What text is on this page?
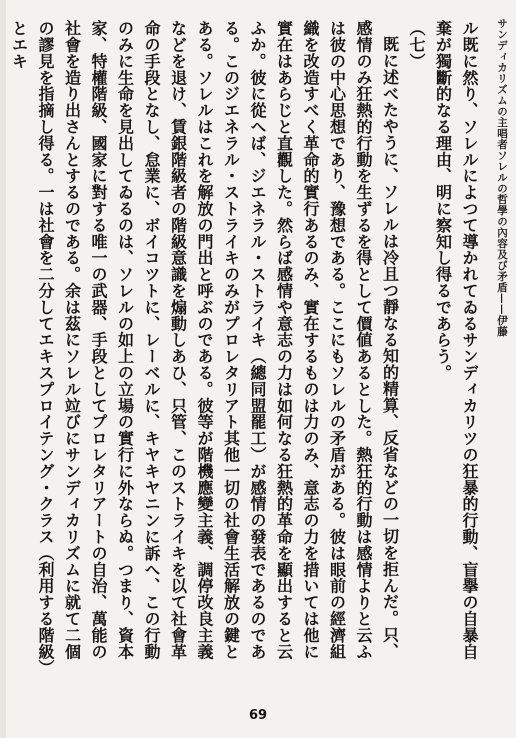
サンディカリズムの主唱者ソレルの哲學の內容及び矛盾——伊藤

ル既に然り、ソレルによつて導かれてゐるサンディカリツの狂暴的行動、盲擧の自暴自棄が獨斷的なる理由、明に察知し得るであらう。

（七）

既に述べたやうに、ソレルは冷且つ靜なる知的精算、反省などの一切を拒んだ。只、感情のみ狂熱的行動を生ずるを得として價値あるとした。熱狂的行動は感情よりと云ふは彼の中心思想であり、豫想である。ここにもソレルの矛盾がある。彼は眼前の經濟組織を改造すべく革命的實行あるのみ、實在するものは力のみ、意志の力を措いては他に實在はあらじと直觀した。然らば感情や意志の力は如何なる狂熱的革命を顯出すると云ふか。彼に從へば、ジエネラル・ストライキ（總同盟罷工）が感情の發表であるのである。このジエネラル・ストライキのみがプロレタリアト其他一切の社會生活解放の鍵とある。ソレルはこれを解放の門出と呼ぶのである。彼等が階機應變主義、調停改良主義などを退け、賃銀階級者の階級意識を煽動しあひ、只管、このストライキを以て社會革命の手段となし、怠業に、ボイコツトに、レーベルに、キヤキヤニンに訴へ、この行動のみに生命を見出してゐるのは、ソレルの如上の立場の實行に外ならぬ。つまり、資本家、特權階級、國家に對する唯一の武器、手段としてプロレタリアートの自治、萬能の社會を造り出さんとするのである。余は茲にソレル竝びにサンディカリズムに就て二個の謬見を指摘し得る。一は社會を二分してエキスプロイテング・クラス（利用する階級）とエキ

69
